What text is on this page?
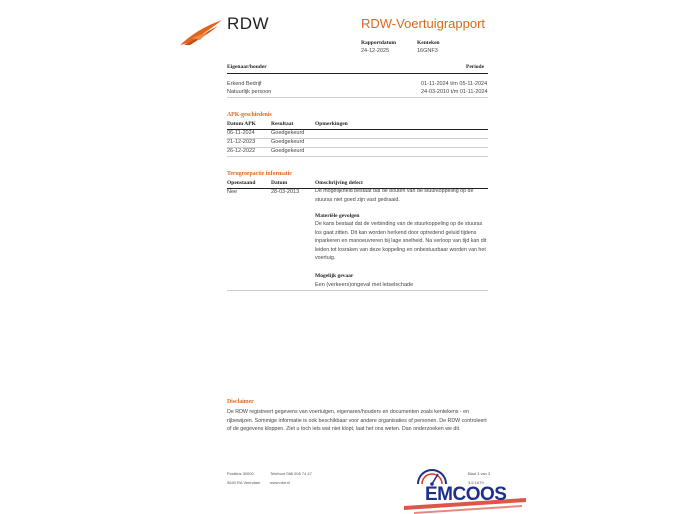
RDW	RDW-Voertuigrapport
Rapportdatum
24-12-2025
Kenteken
16GNF3
Eigenaar/houder	Periode
Erkend Bedrijf	01-11-2024 t/m 05-11-2024
Natuurlijk persoon	24-03-2010 t/m 01-11-2024
APK-geschiedenis
Datum APK	Resultaat	Opmerkingen
06-11-2024	Goedgekeurd
21-12-2023	Goedgekeurd
26-12-2022	Goedgekeurd
Terugroepactie informatie
Openstaand	Datum	Omschrijving defect
Nee	28-03-2013	De mogelijkheid bestaat dat de bouten van de stuurkoppeling op de stuuras niet goed zijn vast gedraaid.
Materiële gevolgen
De kans bestaat dat de verbinding van de stuurkoppeling op de stuuras los gaat zitten. Dit kan worden herkend door optredend geluid tijdens inparkeren en manoeuvreren bij lage snelheid. Na verloop van tijd kan dit leiden tot losraken van deze koppeling en onbestuurbaar worden van het voertuig.
Mogelijk gevaar
Een (verkeers)ongeval met letselschade
Disclaimer
De RDW registreert gegevens van voertuigen, eigenaren/houders en documenten zoals kentekens - en rijbewijzen. Sommige informatie is ook beschikbaar voor andere organisaties of personen. De RDW controleert of de gegevens kloppen. Ziet u toch iets wat niet klopt, laat het ons weten. Dan onderzoeken we dit.
Postbus 30000
9640 RA Veendam
Telefoon 088 008 74 47
www.rdw.nl
Blad 3 van 3
3.5 1679
EMCOOS
